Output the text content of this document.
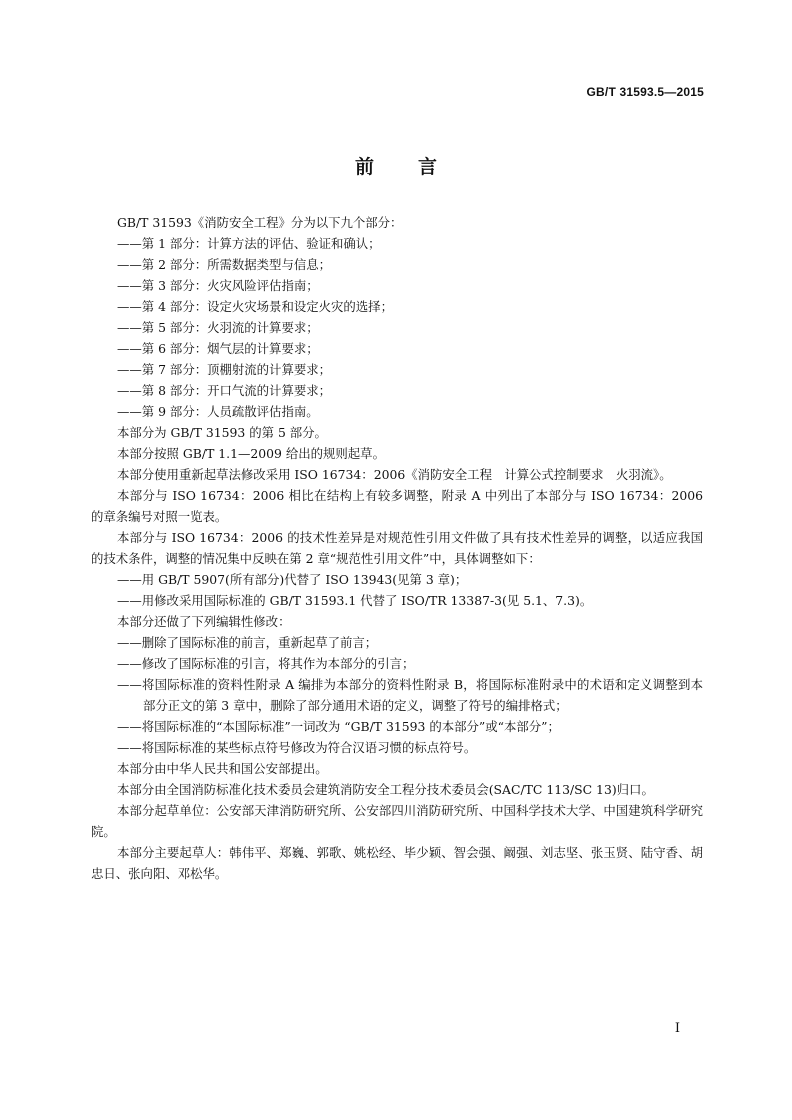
GB/T 31593.5—2015
前 言

GB/T 31593《消防安全工程》分为以下九个部分：

——第 1 部分：计算方法的评估、验证和确认；

——第 2 部分：所需数据类型与信息；

——第 3 部分：火灾风险评估指南；

——第 4 部分：设定火灾场景和设定火灾的选择；

——第 5 部分：火羽流的计算要求；

——第 6 部分：烟气层的计算要求；

——第 7 部分：顶棚射流的计算要求；

——第 8 部分：开口气流的计算要求；

——第 9 部分：人员疏散评估指南。

本部分为 GB/T 31593 的第 5 部分。

本部分按照 GB/T 1.1—2009 给出的规则起草。

本部分使用重新起草法修改采用 ISO 16734：2006《消防安全工程　计算公式控制要求　火羽流》。

本部分与 ISO 16734：2006 相比在结构上有较多调整，附录 A 中列出了本部分与 ISO 16734：2006 的章条编号对照一览表。

本部分与 ISO 16734：2006 的技术性差异是对规范性引用文件做了具有技术性差异的调整，以适应我国的技术条件，调整的情况集中反映在第 2 章“规范性引用文件”中，具体调整如下：

——用 GB/T 5907(所有部分)代替了 ISO 13943(见第 3 章)；

——用修改采用国际标准的 GB/T 31593.1 代替了 ISO/TR 13387-3(见 5.1、7.3)。

本部分还做了下列编辑性修改：

——删除了国际标准的前言，重新起草了前言；

——修改了国际标准的引言，将其作为本部分的引言；

——将国际标准的资料性附录 A 编排为本部分的资料性附录 B，将国际标准附录中的术语和定义调整到本部分正文的第 3 章中，删除了部分通用术语的定义，调整了符号的编排格式；

——将国际标准的“本国际标准”一词改为 “GB/T 31593 的本部分”或“本部分”；

——将国际标准的某些标点符号修改为符合汉语习惯的标点符号。

本部分由中华人民共和国公安部提出。

本部分由全国消防标准化技术委员会建筑消防安全工程分技术委员会(SAC/TC 113/SC 13)归口。

本部分起草单位：公安部天津消防研究所、公安部四川消防研究所、中国科学技术大学、中国建筑科学研究院。

本部分主要起草人：韩伟平、郑巍、郭歌、姚松经、毕少颖、智会强、阚强、刘志坚、张玉贤、陆守香、胡忠日、张向阳、邓松华。

I
